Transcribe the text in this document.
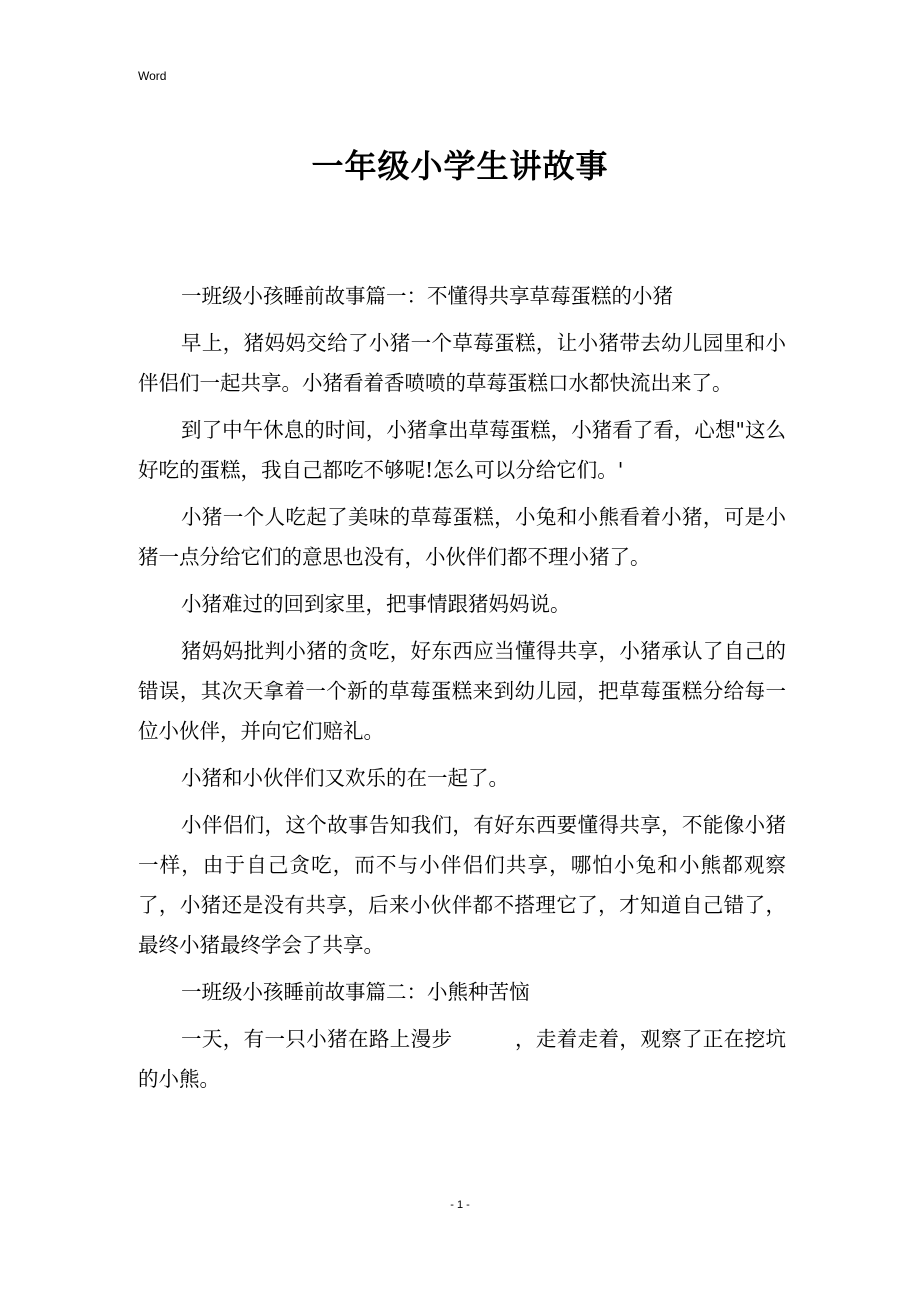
Word
一年级小学生讲故事

一班级小孩睡前故事篇一：不懂得共享草莓蛋糕的小猪

早上，猪妈妈交给了小猪一个草莓蛋糕，让小猪带去幼儿园里和小伴侣们一起共享。小猪看着香喷喷的草莓蛋糕口水都快流出来了。

到了中午休息的时间，小猪拿出草莓蛋糕，小猪看了看，心想"这么好吃的蛋糕，我自己都吃不够呢!怎么可以分给它们。'

小猪一个人吃起了美味的草莓蛋糕，小兔和小熊看着小猪，可是小猪一点分给它们的意思也没有，小伙伴们都不理小猪了。

小猪难过的回到家里，把事情跟猪妈妈说。

猪妈妈批判小猪的贪吃，好东西应当懂得共享，小猪承认了自己的错误，其次天拿着一个新的草莓蛋糕来到幼儿园，把草莓蛋糕分给每一位小伙伴，并向它们赔礼。

小猪和小伙伴们又欢乐的在一起了。

小伴侣们，这个故事告知我们，有好东西要懂得共享，不能像小猪一样，由于自己贪吃，而不与小伴侣们共享，哪怕小兔和小熊都观察了，小猪还是没有共享，后来小伙伴都不搭理它了，才知道自己错了，最终小猪最终学会了共享。

一班级小孩睡前故事篇二：小熊种苦恼

一天，有一只小猪在路上漫步　　　，走着走着，观察了正在挖坑的小熊。

- 1 -
